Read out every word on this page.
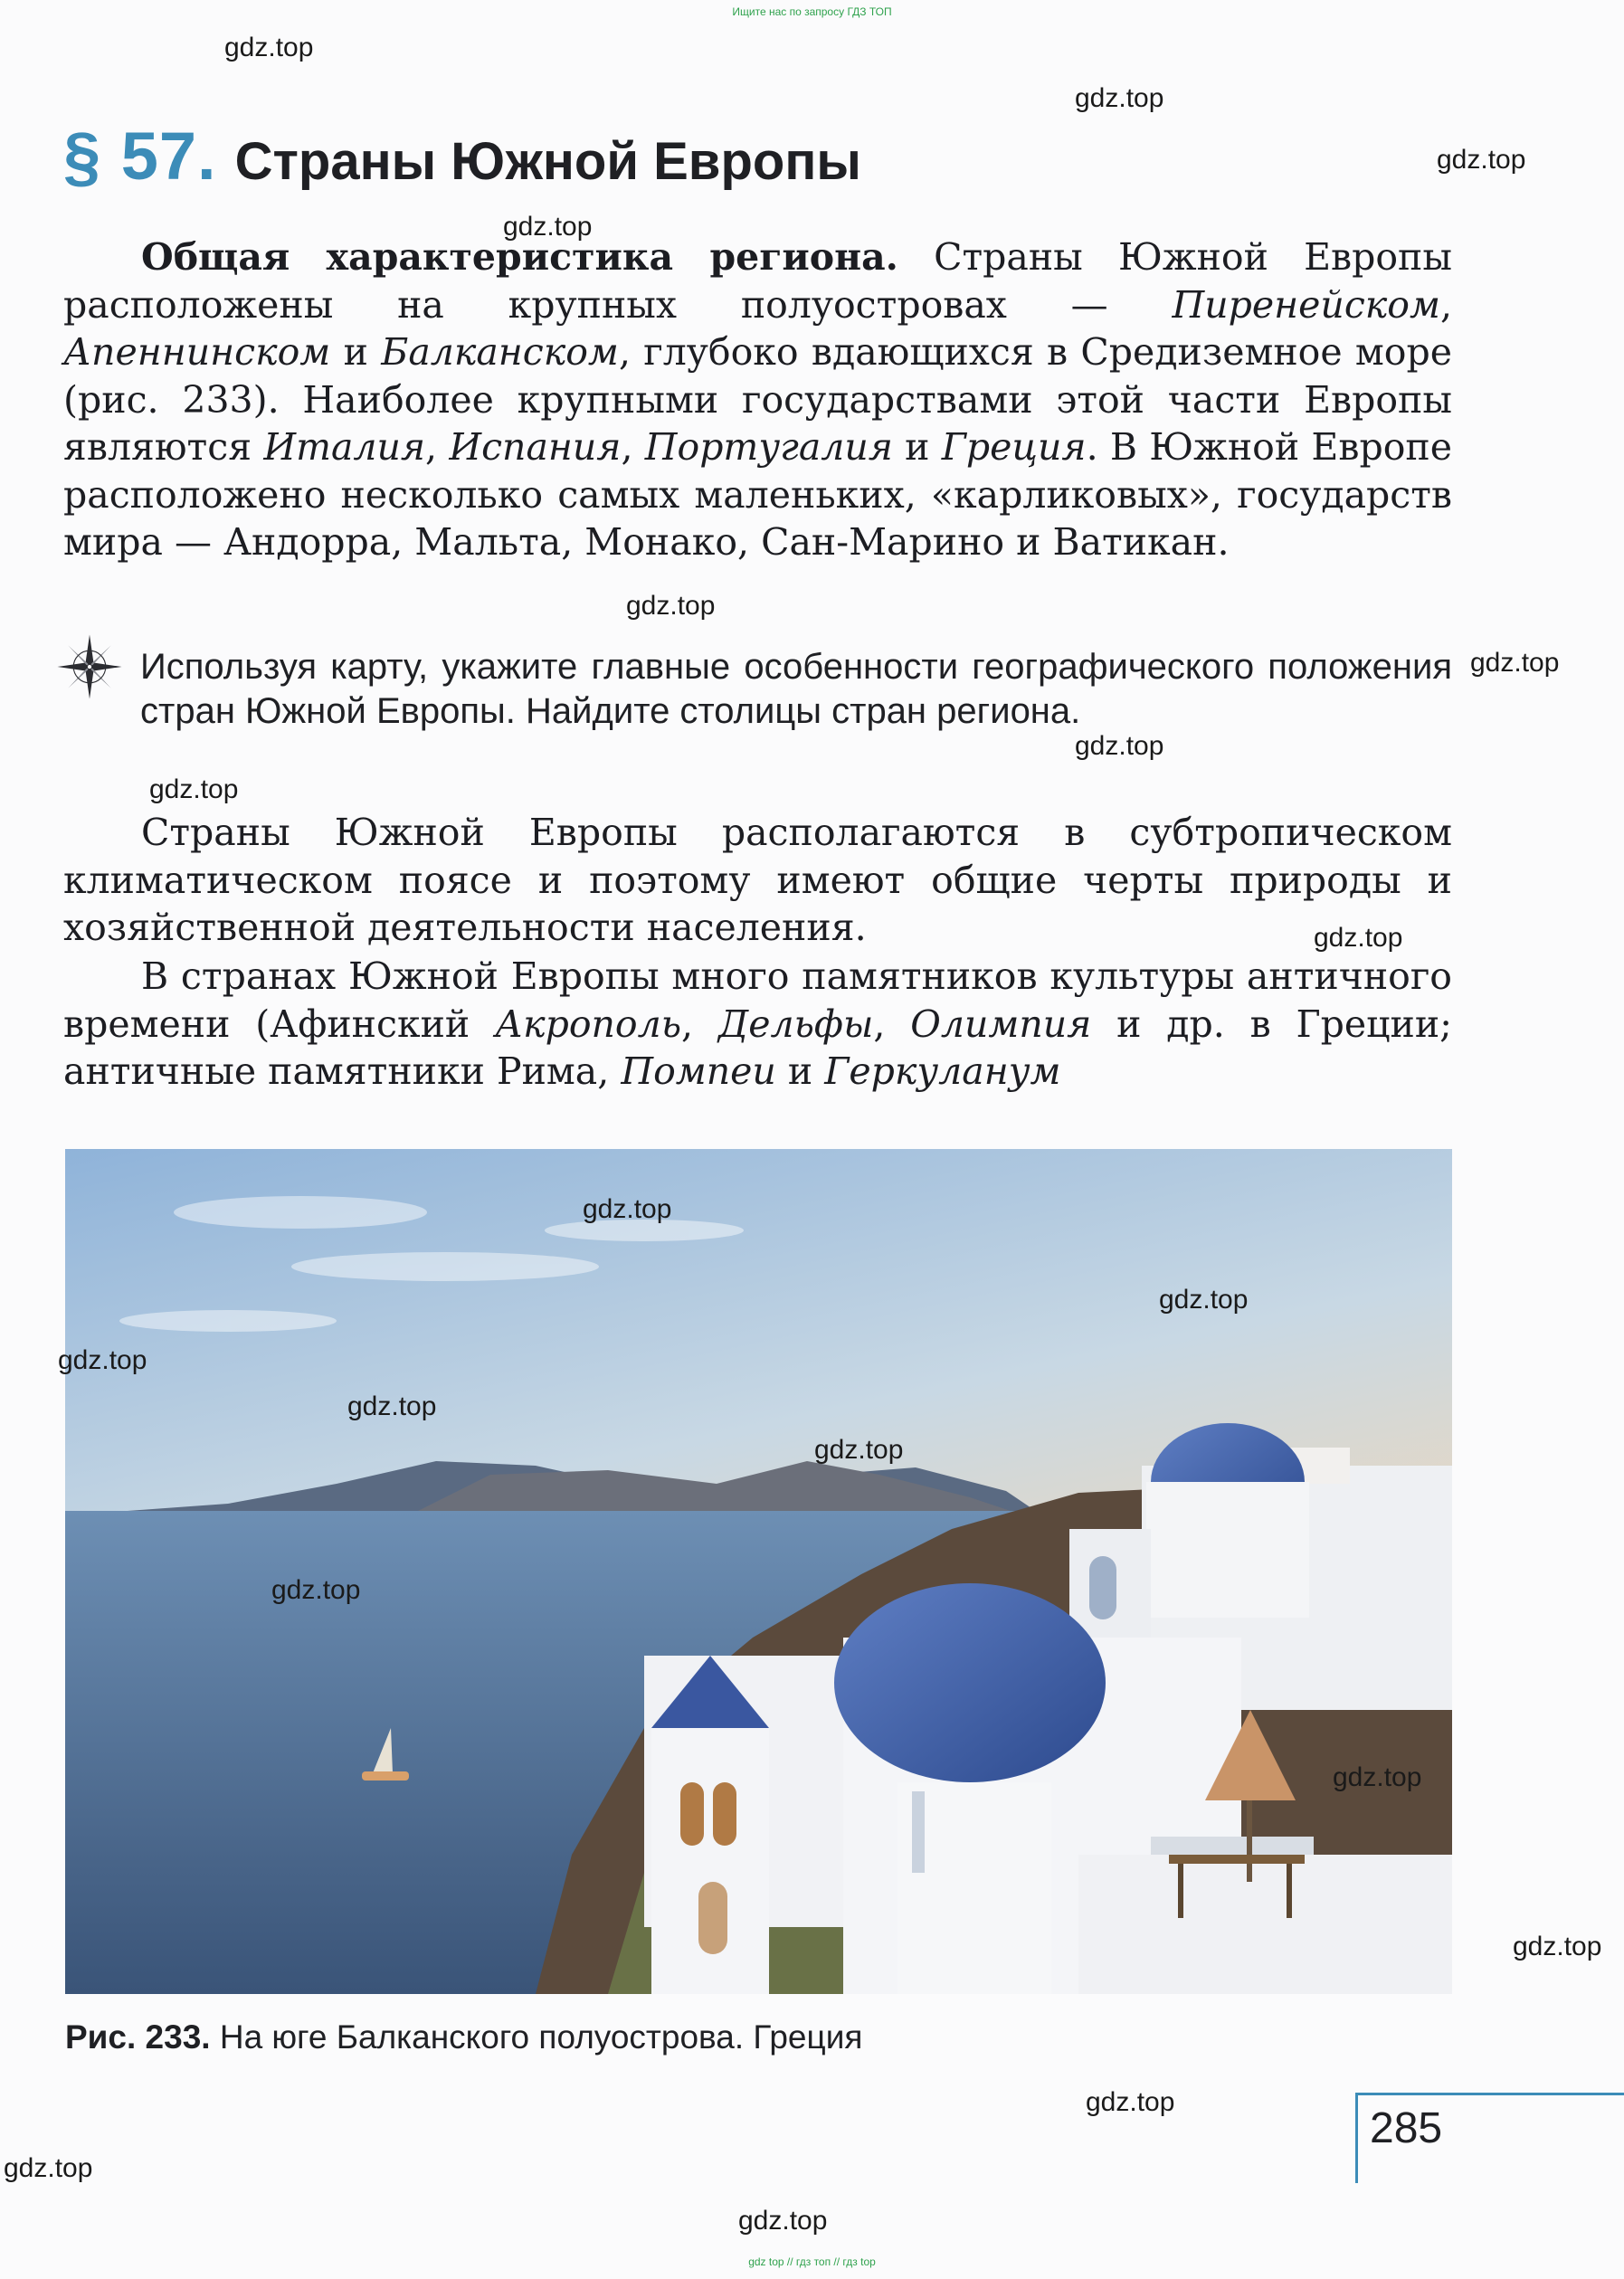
Ищите нас по запросу ГДЗ ТОП
§ 57. Страны Южной Европы

Общая характеристика региона. Страны Южной Европы расположены на крупных полуостровах — Пиренейском, Апеннинском и Балканском, глубоко вдающихся в Средиземное море (рис. 233). Наиболее крупными государствами этой части Европы являются Италия, Испания, Португалия и Греция. В Южной Европе расположено несколько самых маленьких, «карликовых», государств мира — Андорра, Мальта, Монако, Сан-Марино и Ватикан.

Используя карту, укажите главные особенности географического положения стран Южной Европы. Найдите столицы стран региона.

Страны Южной Европы располагаются в субтропическом климатическом поясе и поэтому имеют общие черты природы и хозяйственной деятельности населения.

В странах Южной Европы много памятников культуры античного времени (Афинский Акрополь, Дельфы, Олимпия и др. в Греции; античные памятники Рима, Помпеи и Геркуланум

Рис. 233. На юге Балканского полуострова. Греция
285
gdz top // гдз топ // гдз top
gdz.top
gdz.top
gdz.top
gdz.top
gdz.top
gdz.top
gdz.top
gdz.top
gdz.top
gdz.top
gdz.top
gdz.top
gdz.top
gdz.top
gdz.top
gdz.top
gdz.top
gdz.top
gdz.top
gdz.top
